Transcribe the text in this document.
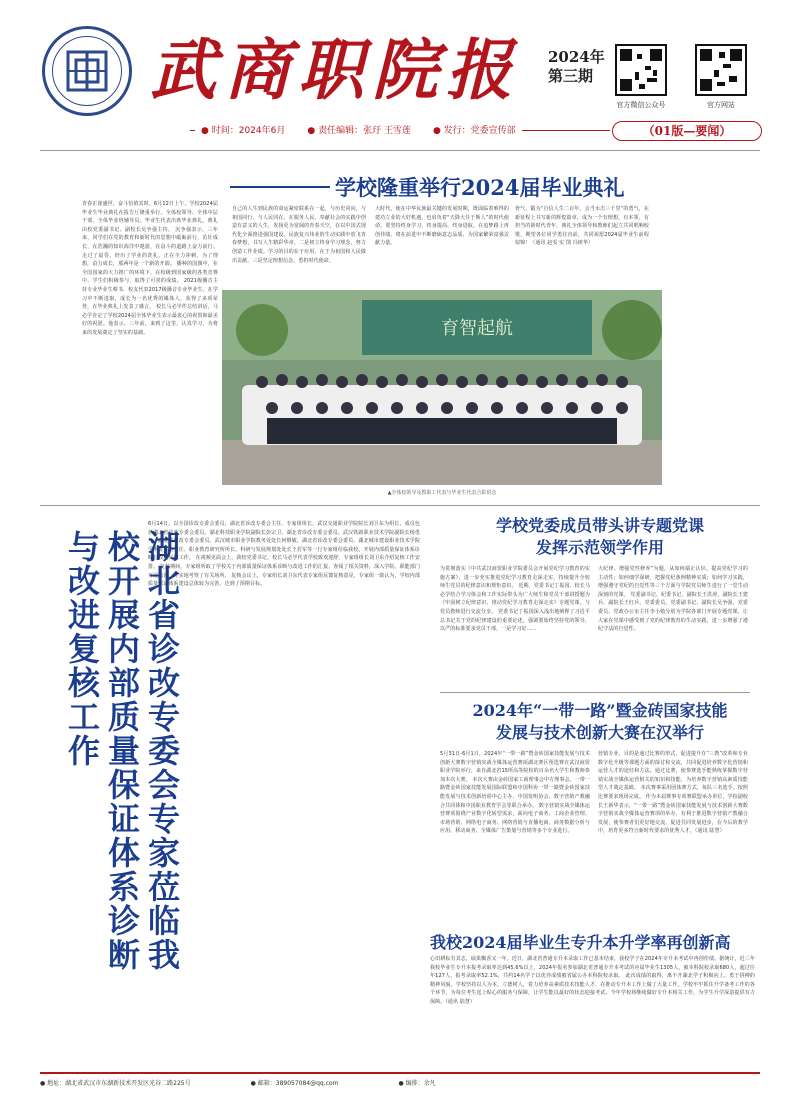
武商职院报 2024年
第三期
官方微信公众号	官方网站
● 时间：2024年6月 ● 责任编辑：张玗 王雪莲 ● 发行：党委宣传部	（01版—要闻）
学校隆重举行2024届毕业典礼
青春正逢盛世，奋斗恰值其时。6月12日上午，学校2024届毕业生毕业典礼在报告厅隆重举行。全体校领导、全体中层干部、全体毕业班辅导员、毕业生代表出席毕业典礼。典礼由校党委副书记、副校长吴争强主持。 沉争强表示，三年来，同学们在党的教育和新时代的思想中砥砺前行，茁壮成长，在浩瀚的知识海洋中遨游，在奋斗的道路上奋力前行。走过了晨昏，经历了学业的洗礼，正在全力冲刺，为了理想，奋力成长，那两年是一个新的开端。 播种的国旗中，在全国国家的大力推广的环境下，在校级到国家级的各类竞赛中，学生们积极参与，取得了可喜的成绩。 2021级播音主持专业毕业生蔡书，校友代表2017级播音专业毕业生，在学习中不断进取，成长为一名优秀的媒体人，获得了多项荣誉，在毕业典礼上发表了感言。 校长马必学作总结讲话，马必学肯定了学校2024届全体毕业生表示最衷心的祝贺和最美好的祝愿。他表示，三年前，来到了这里，认真学习，为将来的发展奠定了坚实的基础。
自己的人生到民族的命运紧密联系在一起，与历史同向，与祖国同行，与人民同在，在服务人民、奉献社会的实践中创造有意义的人生。发扬更为宽阔的青春天空，在以中国式现代化全面推进强国建设、民族复兴伟业的生动实践中放飞青春梦想，书写人生精彩华章。二是树立终身学习理念，努力创造工作业绩。学习的目的在于应用，在于为祖国和人民做出贡献。三是坚定理想信念，勇担时代使命。
大时代。使在中华民族最关键的发展时期，既面临着难得的建功立业的大好机遇，也肩负着“天降大任于斯人”的时代使命。要坚持终身学习，终身提高，终身进取。在追梦路上再创佳绩。将在前进中不断磨砺意志品质，为国家繁荣富强贡献力量。
骨气、锻为“自信人生二百年，会当水击三千里”的勇气，在新征程上书写新的辉煌篇章，成为一个有理想、有本领、有担当的新时代青年。典礼全体领导和教师们起立共同唱响校歌，期望各位同学勇往直前，共同祝愿2024届毕业生前程似锦！（通讯 赵雯 实 图 冯树华）
育智起航
▲全体校领导及教职工代表与毕业生代表合影留念
湖北省诊改专委会专家莅临我校开展内部质量保证体系诊断与改进复核工作
6月14日，以全国诊改专委会委员、湖北省诊改专委会主任、专家组组长、武汉交通职业学院院长刘卫东为组长，成员包括湖北省诊改专委会委员、湖北科技职业学院副院长彭宗卫、湖北省诊改专委会委员、武汉铁路职业技术学院副院长杨勇凡、湖北省诊改专委会委员、武汉城市职业学院教务处处长何继敏、湖北省诊改专委会委员、湖北城市建设职业技术学院学术委员会主任、职业教育研究所所长、科研与发展规划处处长王若军等一行专家组莅临我校，开展内部质量保证体系诊断与改进复核工作。 在视频见面会上，我校党委书记、校长马必学代表学校致欢迎辞，专家组组长刘卫东介绍复核工作安排。 复核期间，专家组听取了学校关于内部质量保证体系诊断与改进工作的汇报，查阅了相关资料，深入学院、职能部门开展访谈，并实地考察了有关场所。 复核会议上，专家组长刘卫东代表专家组反馈复核意见，专家组一致认为，学校内部质量保证体系建设总体较为完善，达到了预期目标。
学校党委成员带头讲专题党课
发挥示范领学作用
为贯彻落实《中共武汉商贸职业学院委员会开展党纪学习教育的实施方案》，进一步充实推进党纪学习教育走深走实，持续提升全校师生党员的纪律意识和规矩意识。 近期，党委书记丁振国、校长马必学结合学习体会和工作实际带头为广大师生和党员干部讲授题为《牢固树立纪律意识，推动党纪学习教育走深走实》专题党课，与党员教师进行交流分享。 党委书记丁振国深入浅出地阐释了习近平总书记关于党的纪律建设的重要论述，强调要始终坚持党的领导，以严的标准要求党员干部，一是学习好……
大纪律、增强党性修养”为题，从如何端正认识、提高党纪学习的主动性；如何细学深研，把握党纪条例精神实质；如何学习实践，增强遵守党纪的自觉性等三个方面与学院党员师生进行了一堂生动深刻的党课。 党委副书记、纪委书记、副院长王洪涛，副院长王建兵、副院长王红兵，党委委员，党委副书记、副院长吴争强，党委委员、党政办公室主任李小勉分别为学院各部门开展专题党课，让大家在党课中感受到了党的纪律教育的生动实践，进一步增强了遵纪守法的自觉性。
2024年“一带一路”暨金砖国家技能
发展与技术创新大赛在汉举行
5月31日-6月1日，2024年“一带一路”暨金砖国家技能发展与技术创新大赛数字营销实战全媒体运营赛项湖北赛区预选赛在武汉商贸职业学院举行。来自湖北省15所高等院校的百余名大学生和教师参加本次大赛。 本次大赛由金砖国家工商理事会中方理事会、一带一路暨金砖国家技能发展国际联盟和中国科协一带一路暨金砖国家技能发展与技术创新培训中心主办，中国发明协会、数字营销产教融合共同体和中国职业教育学会等联合承办。 数字营销实战全媒体运营赛项围绕产业数字化转型需求，面向电子商务、工商企业管理、市场营销、网络电子商务、网络营销与直播电商、商务数据分析与应用、移动商务、全媒体广告策划与营销等多个专业进行。
营销专业，目的是通过比赛的形式，促进提升在“三教”改革和专业数字化升级等课题方面的探讨和交流，共同促进培养数字化营销和运营人才的途径和方法。通过比赛，使参赛选手能熟练掌握数字营销实战全媒体运营相关的知识和技能，为培养数字营销高素质技能型人才奠定基础。 本次赛事采用团体赛方式，每队三名选手，按照比赛要求现场完成。 作为本届赛事专项赛联盟承办单位，学校副校长王新华表示，“一带一路”暨金砖国家技能发展与技术创新大赛数字营销实战全媒体运营赛项的举办，有利于推进数字营销产教融合发展，使参赛者们更好地交流，促进共同发展进步，在今后的教学中，培育更多符合新时代要求的优秀人才。（通讯 陆慧）
我校2024届毕业生专升本升学率再创新高
心田耕耘有其志，硕果飘香又一年。近日，湖北省普通专升本录取工作已基本结束，我校学子在2024年专升本考试中再创佳绩。据统计，近三年我校毕业生专升本报考录取率达到45.6%以上，2024年报名参加湖北省普通专升本考试的应届毕业生1305人，被本科院校录取680人，超过往年127人，报考录取率52.1%，共约14名学子以优异成绩被省属公办本科院校录取。 此次成绩的取得，离不开湖北学子积极向上、勇于拼搏的精神风貌。学校坚持以人为本，立德树人，着力培养高素质技术技能人才，在推动专升本工作上做了大量工作。学校牢牢抓住升学备考工作的各个环节，为每位考生送上贴心的服务与保障，让学生能以最好的状态迎接考试。今年学校将继续做好专升本相关工作，为学生升学深造提供有力保障。（通讯 陆慧）
● 地址：湖北省武汉市东湖新技术开发区光谷二路225号	● 邮箱：389057084@qq.com	● 编排：余凡
